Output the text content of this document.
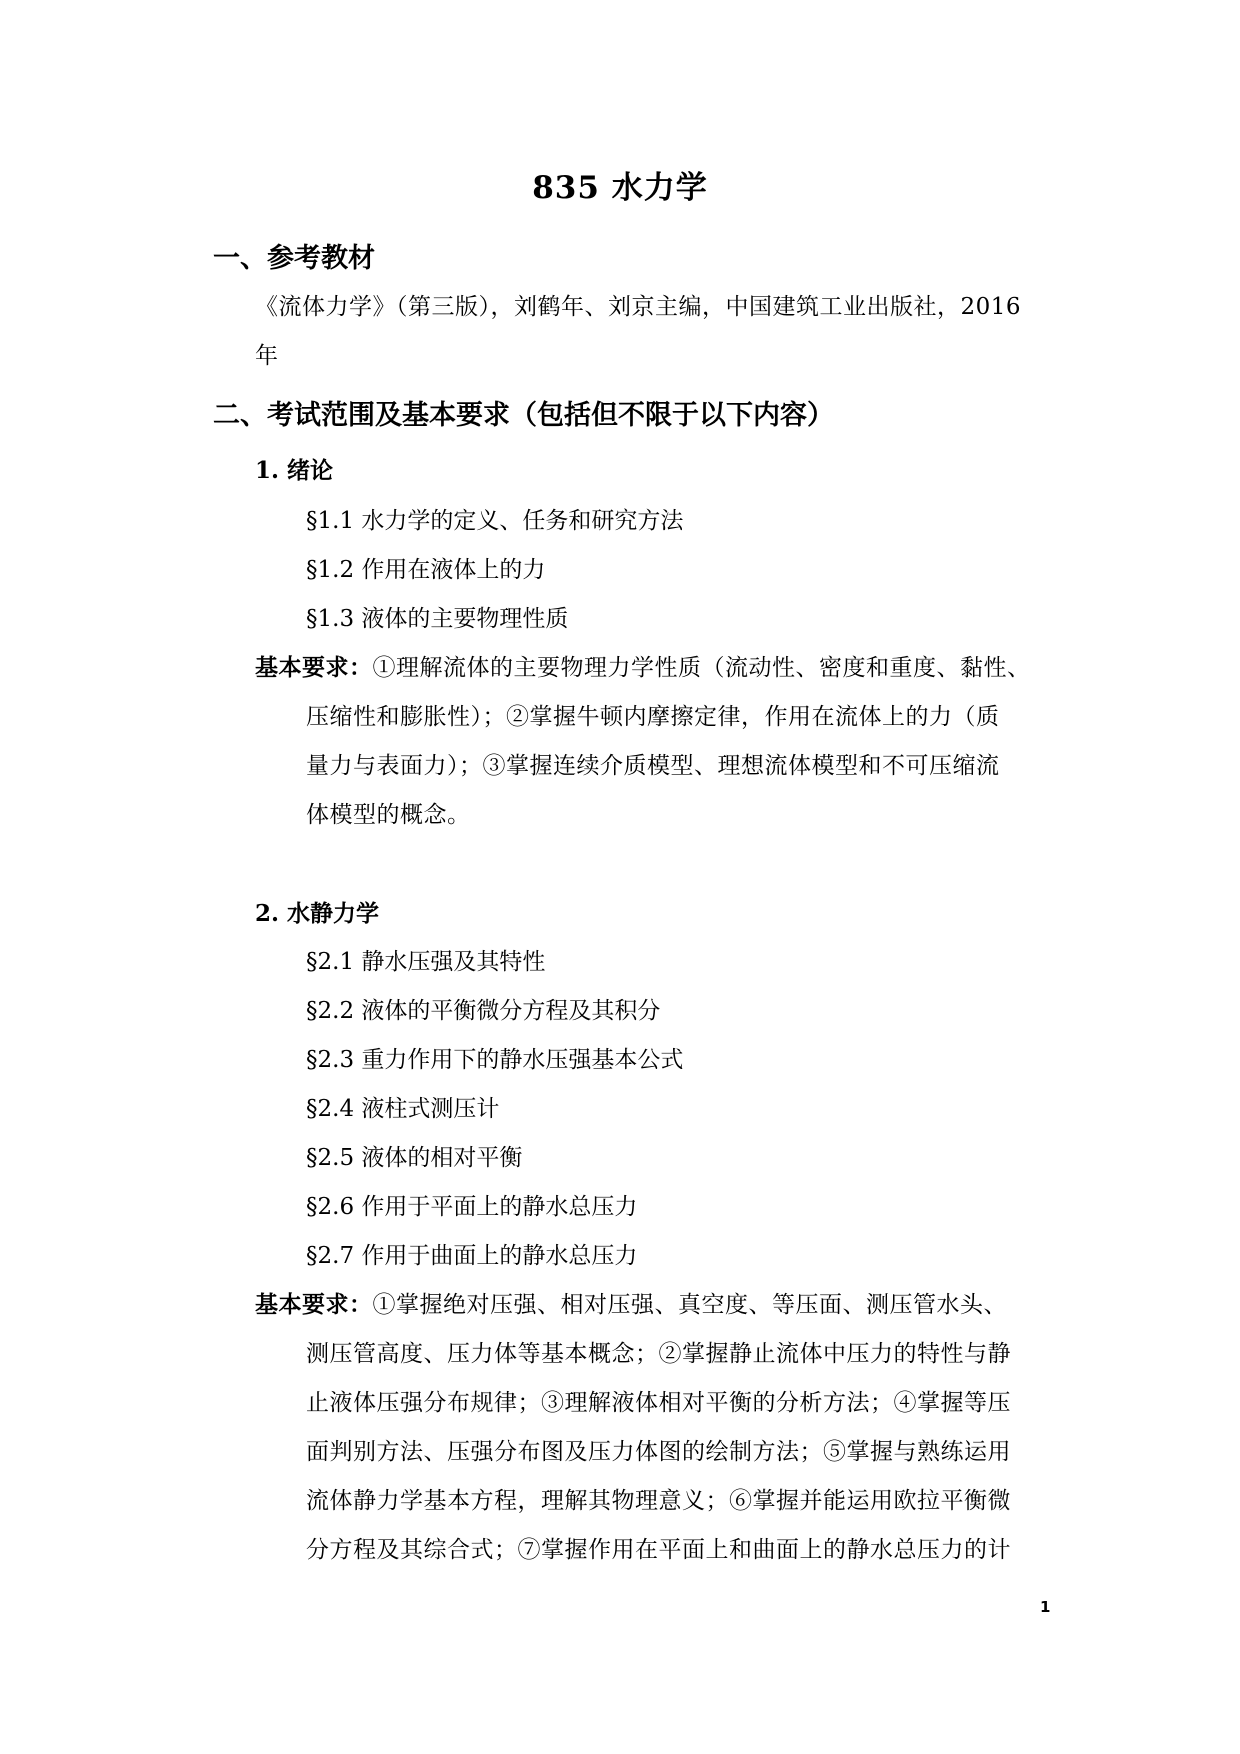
835 水力学
一、参考教材
《流体力学》（第三版），刘鹤年、刘京主编，中国建筑工业出版社，2016
年
二、考试范围及基本要求（包括但不限于以下内容）
1. 绪论
§1.1 水力学的定义、任务和研究方法
§1.2 作用在液体上的力
§1.3 液体的主要物理性质
基本要求：①理解流体的主要物理力学性质（流动性、密度和重度、黏性、
压缩性和膨胀性）；②掌握牛顿内摩擦定律，作用在流体上的力（质
量力与表面力）；③掌握连续介质模型、理想流体模型和不可压缩流
体模型的概念。
2. 水静力学
§2.1 静水压强及其特性
§2.2 液体的平衡微分方程及其积分
§2.3 重力作用下的静水压强基本公式
§2.4 液柱式测压计
§2.5 液体的相对平衡
§2.6 作用于平面上的静水总压力
§2.7 作用于曲面上的静水总压力
基本要求：①掌握绝对压强、相对压强、真空度、等压面、测压管水头、
测压管高度、压力体等基本概念；②掌握静止流体中压力的特性与静
止液体压强分布规律；③理解液体相对平衡的分析方法；④掌握等压
面判别方法、压强分布图及压力体图的绘制方法；⑤掌握与熟练运用
流体静力学基本方程，理解其物理意义；⑥掌握并能运用欧拉平衡微
分方程及其综合式；⑦掌握作用在平面上和曲面上的静水总压力的计
1
